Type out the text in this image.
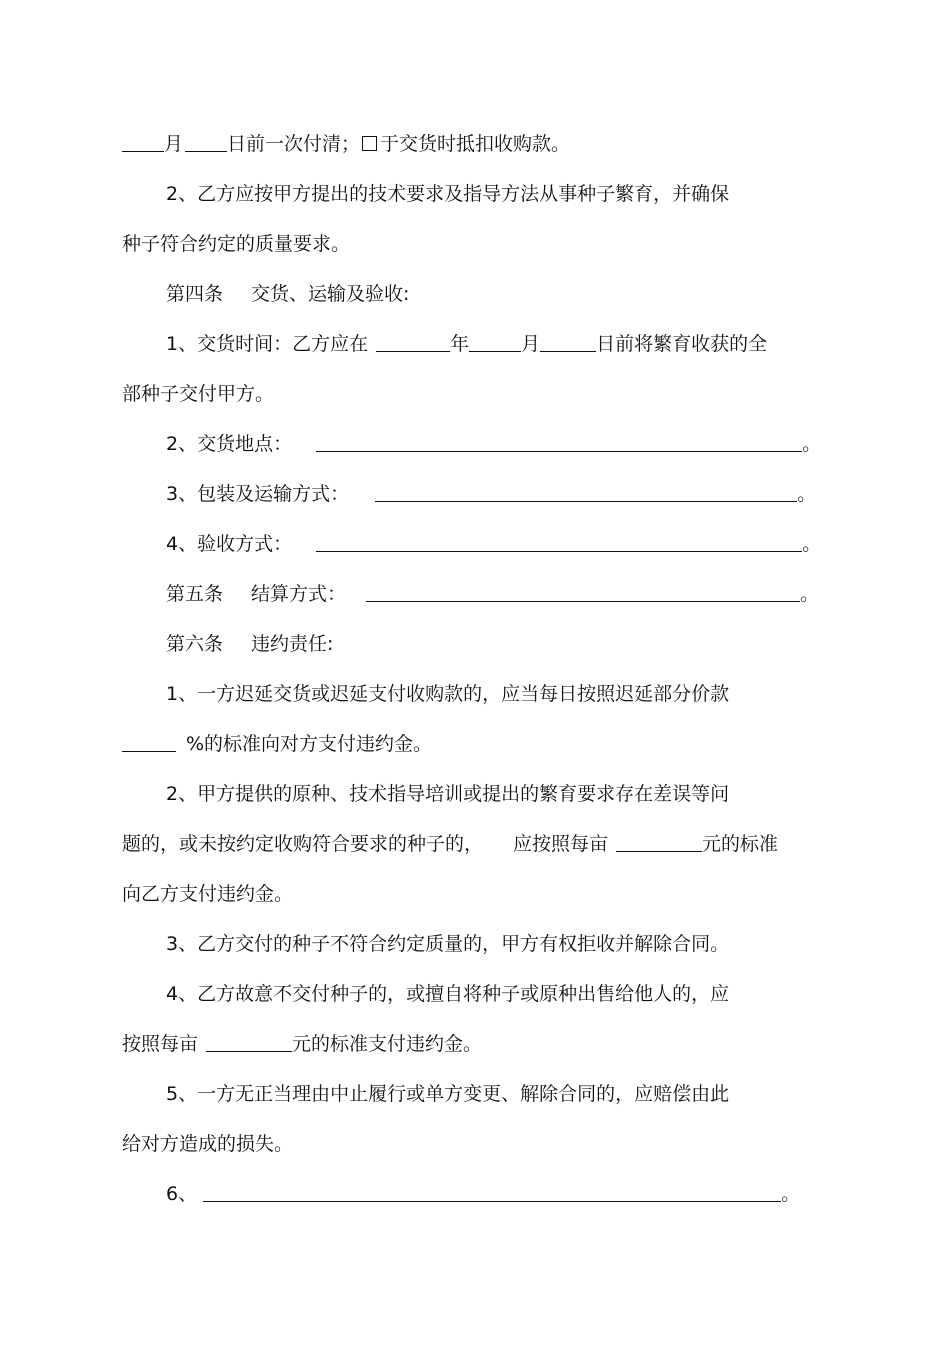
月 日前一次付清； 于交货时抵扣收购款。
2、乙方应按甲方提出的技术要求及指导方法从事种子繁育，并确保
种子符合约定的质量要求。
第四条 交货、运输及验收:
1、交货时间：乙方应在	年	月	日前将繁育收获的全
部种子交付甲方。
2、交货地点：	。
3、包装及运输方式：	。
4、验收方式：	。
第五条 结算方式：	。
第六条 违约责任:
1、一方迟延交货或迟延支付收购款的，应当每日按照迟延部分价款
%的标准向对方支付违约金。
2、甲方提供的原种、技术指导培训或提出的繁育要求存在差误等问
题的，或未按约定收购符合要求的种子的， 应按照每亩	元的标准
向乙方支付违约金。
3、乙方交付的种子不符合约定质量的，甲方有权拒收并解除合同。
4、乙方故意不交付种子的，或擅自将种子或原种出售给他人的，应
按照每亩	元的标准支付违约金。
5、一方无正当理由中止履行或单方变更、解除合同的，应赔偿由此
给对方造成的损失。
6、	。
